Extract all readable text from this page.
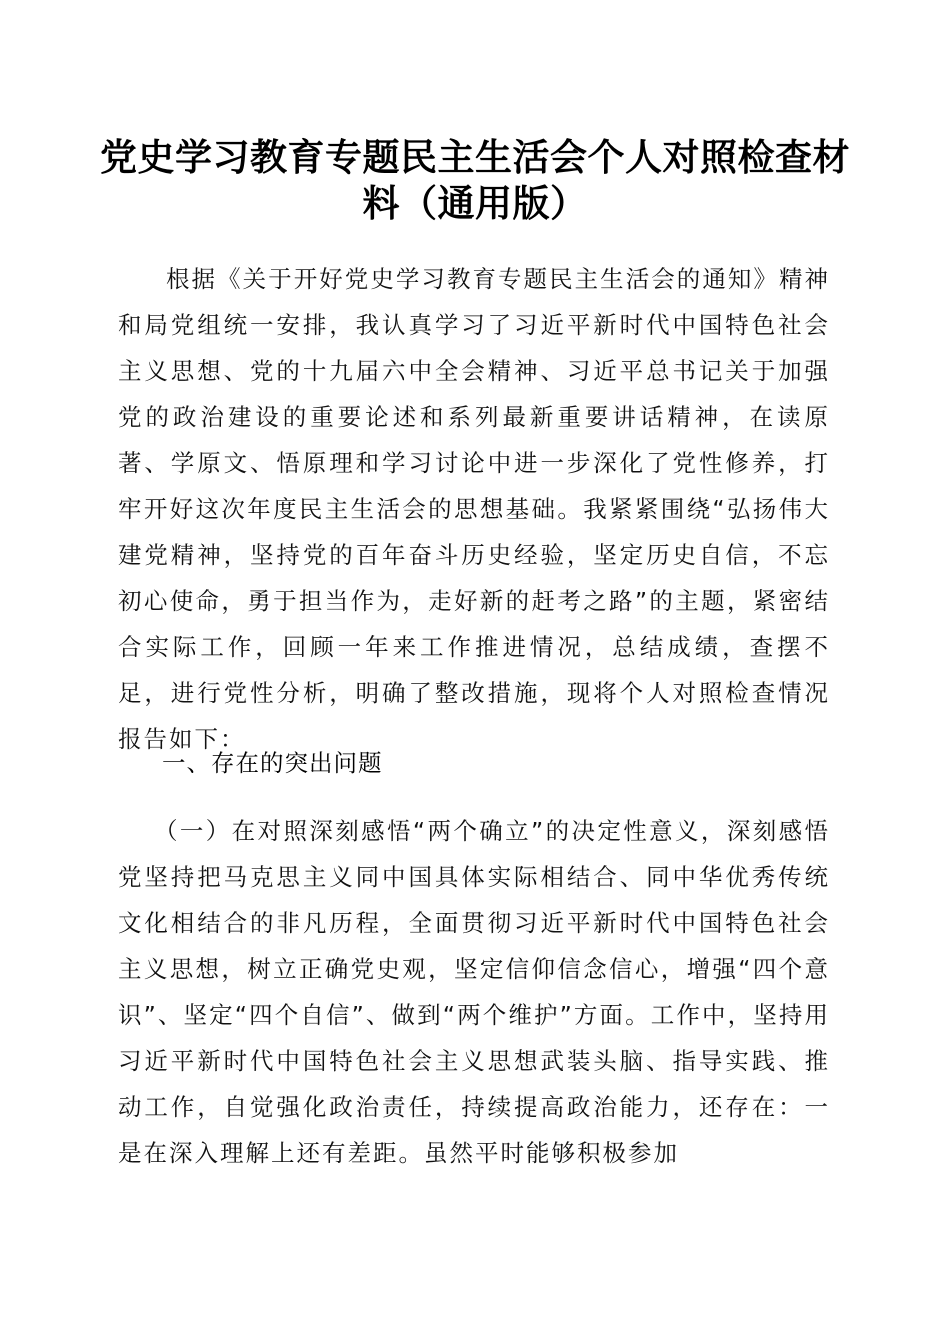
党史学习教育专题民主生活会个人对照检查材料（通用版）
根据《关于开好党史学习教育专题民主生活会的通知》精神和局党组统一安排，我认真学习了习近平新时代中国特色社会主义思想、党的十九届六中全会精神、习近平总书记关于加强党的政治建设的重要论述和系列最新重要讲话精神，在读原著、学原文、悟原理和学习讨论中进一步深化了党性修养，打牢开好这次年度民主生活会的思想基础。我紧紧围绕“弘扬伟大建党精神，坚持党的百年奋斗历史经验，坚定历史自信，不忘初心使命，勇于担当作为，走好新的赶考之路”的主题，紧密结合实际工作，回顾一年来工作推进情况，总结成绩，查摆不足，进行党性分析，明确了整改措施，现将个人对照检查情况报告如下：
一、存在的突出问题
（一）在对照深刻感悟“两个确立”的决定性意义，深刻感悟党坚持把马克思主义同中国具体实际相结合、同中华优秀传统文化相结合的非凡历程，全面贯彻习近平新时代中国特色社会主义思想，树立正确党史观，坚定信仰信念信心，增强“四个意识”、坚定“四个自信”、做到“两个维护”方面。工作中，坚持用习近平新时代中国特色社会主义思想武装头脑、指导实践、推动工作，自觉强化政治责任，持续提高政治能力，还存在：一是在深入理解上还有差距。虽然平时能够积极参加
